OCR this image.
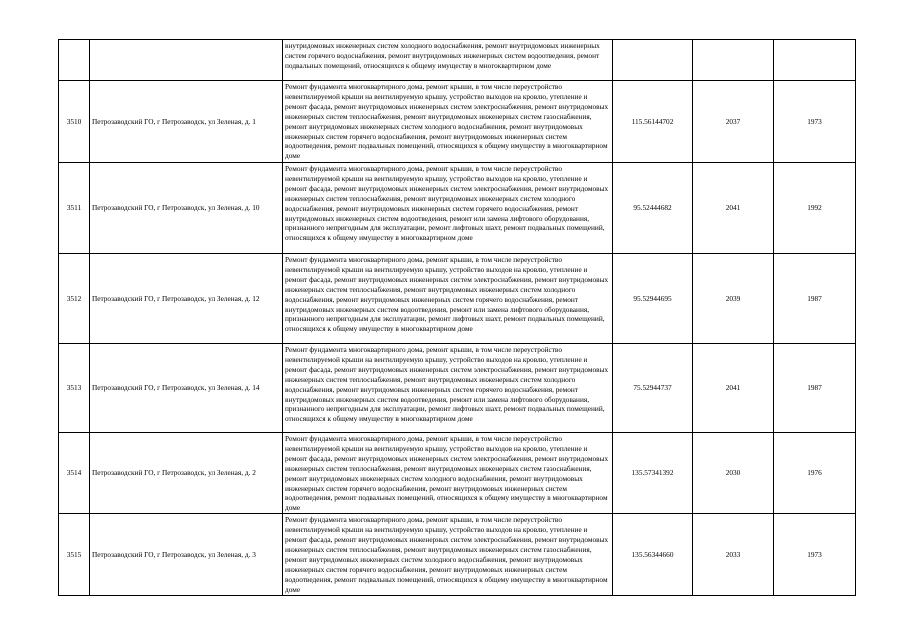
		внутридомовых инженерных систем холодного водоснабжения, ремонт внутридомовых инженерных систем горячего водоснабжения, ремонт внутридомовых инженерных систем водоотведения, ремонт подвальных помещений, относящихся к общему имуществу в многоквартирном доме			
3510	Петрозаводский ГО, г Петрозаводск, ул Зеленая, д. 1	Ремонт фундамента многоквартирного дома, ремонт крыши, в том числе переустройство невентилируемой крыши на вентилируемую крышу, устройство выходов на кровлю, утепление и ремонт фасада, ремонт внутридомовых инженерных систем электроснабжения, ремонт внутридомовых инженерных систем теплоснабжения, ремонт внутридомовых инженерных систем газоснабжения, ремонт внутридомовых инженерных систем холодного водоснабжения, ремонт внутридомовых инженерных систем горячего водоснабжения, ремонт внутридомовых инженерных систем водоотведения, ремонт подвальных помещений, относящихся к общему имуществу в многоквартирном доме	115.56144702	2037	1973
3511	Петрозаводский ГО, г Петрозаводск, ул Зеленая, д. 10	Ремонт фундамента многоквартирного дома, ремонт крыши, в том числе переустройство невентилируемой крыши на вентилируемую крышу, устройство выходов на кровлю, утепление и ремонт фасада, ремонт внутридомовых инженерных систем электроснабжения, ремонт внутридомовых инженерных систем теплоснабжения, ремонт внутридомовых инженерных систем холодного водоснабжения, ремонт внутридомовых инженерных систем горячего водоснабжения, ремонт внутридомовых инженерных систем водоотведения, ремонт или замена лифтового оборудования, признанного непригодным для эксплуатации, ремонт лифтовых шахт, ремонт подвальных помещений, относящихся к общему имуществу в многоквартирном доме	95.52444682	2041	1992
3512	Петрозаводский ГО, г Петрозаводск, ул Зеленая, д. 12	Ремонт фундамента многоквартирного дома, ремонт крыши, в том числе переустройство невентилируемой крыши на вентилируемую крышу, устройство выходов на кровлю, утепление и ремонт фасада, ремонт внутридомовых инженерных систем электроснабжения, ремонт внутридомовых инженерных систем теплоснабжения, ремонт внутридомовых инженерных систем холодного водоснабжения, ремонт внутридомовых инженерных систем горячего водоснабжения, ремонт внутридомовых инженерных систем водоотведения, ремонт или замена лифтового оборудования, признанного непригодным для эксплуатации, ремонт лифтовых шахт, ремонт подвальных помещений, относящихся к общему имуществу в многоквартирном доме	95.52944695	2039	1987
3513	Петрозаводский ГО, г Петрозаводск, ул Зеленая, д. 14	Ремонт фундамента многоквартирного дома, ремонт крыши, в том числе переустройство невентилируемой крыши на вентилируемую крышу, устройство выходов на кровлю, утепление и ремонт фасада, ремонт внутридомовых инженерных систем электроснабжения, ремонт внутридомовых инженерных систем теплоснабжения, ремонт внутридомовых инженерных систем холодного водоснабжения, ремонт внутридомовых инженерных систем горячего водоснабжения, ремонт внутридомовых инженерных систем водоотведения, ремонт или замена лифтового оборудования, признанного непригодным для эксплуатации, ремонт лифтовых шахт, ремонт подвальных помещений, относящихся к общему имуществу в многоквартирном доме	75.52944737	2041	1987
3514	Петрозаводский ГО, г Петрозаводск, ул Зеленая, д. 2	Ремонт фундамента многоквартирного дома, ремонт крыши, в том числе переустройство невентилируемой крыши на вентилируемую крышу, устройство выходов на кровлю, утепление и ремонт фасада, ремонт внутридомовых инженерных систем электроснабжения, ремонт внутридомовых инженерных систем теплоснабжения, ремонт внутридомовых инженерных систем газоснабжения, ремонт внутридомовых инженерных систем холодного водоснабжения, ремонт внутридомовых инженерных систем горячего водоснабжения, ремонт внутридомовых инженерных систем водоотведения, ремонт подвальных помещений, относящихся к общему имуществу в многоквартирном доме	135.57341392	2030	1976
3515	Петрозаводский ГО, г Петрозаводск, ул Зеленая, д. 3	Ремонт фундамента многоквартирного дома, ремонт крыши, в том числе переустройство невентилируемой крыши на вентилируемую крышу, устройство выходов на кровлю, утепление и ремонт фасада, ремонт внутридомовых инженерных систем электроснабжения, ремонт внутридомовых инженерных систем теплоснабжения, ремонт внутридомовых инженерных систем газоснабжения, ремонт внутридомовых инженерных систем холодного водоснабжения, ремонт внутридомовых инженерных систем горячего водоснабжения, ремонт внутридомовых инженерных систем водоотведения, ремонт подвальных помещений, относящихся к общему имуществу в многоквартирном доме	135.56344660	2033	1973
